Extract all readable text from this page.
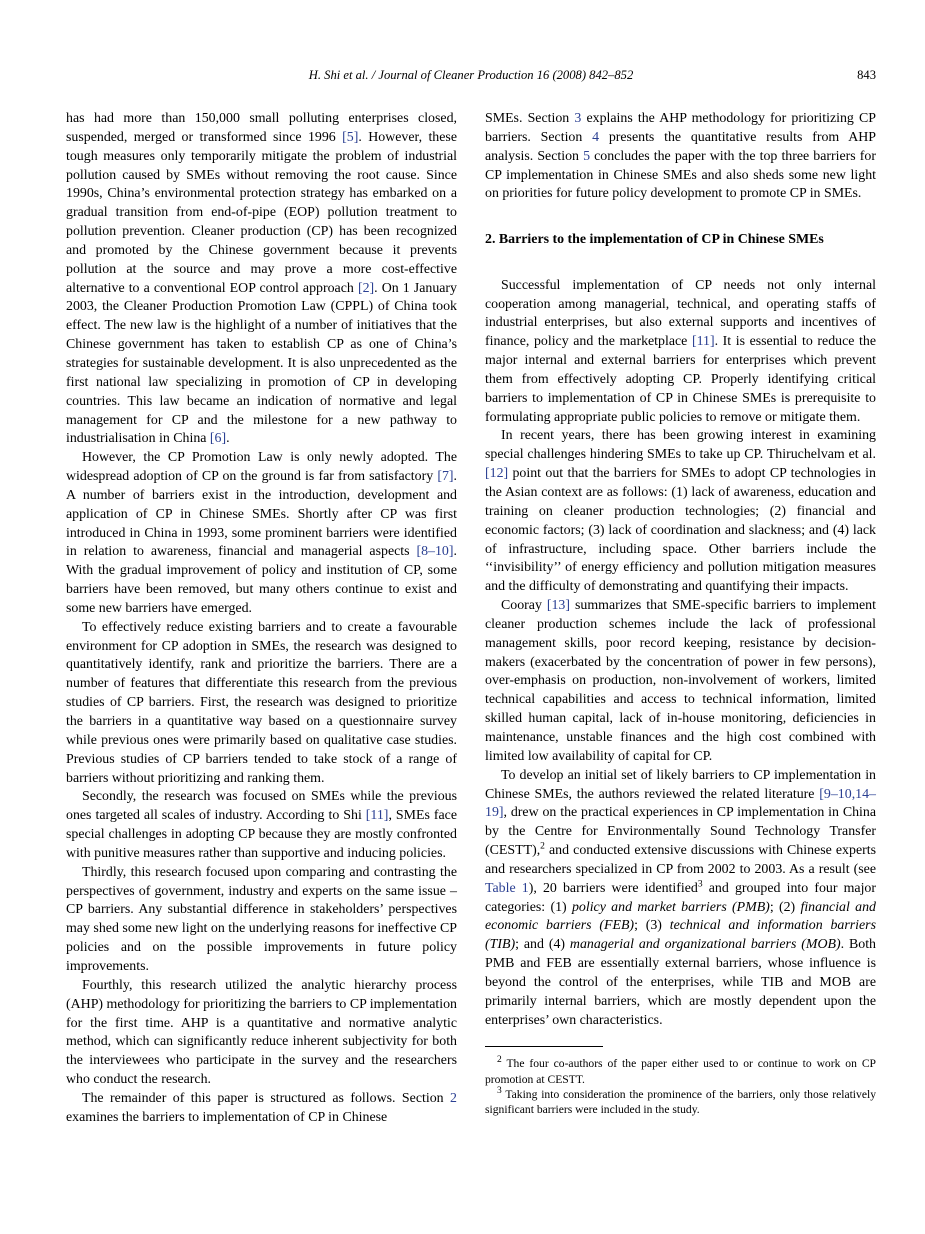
H. Shi et al. / Journal of Cleaner Production 16 (2008) 842–852	843

has had more than 150,000 small polluting enterprises closed, suspended, merged or transformed since 1996 [5]. However, these tough measures only temporarily mitigate the problem of industrial pollution caused by SMEs without removing the root cause. Since 1990s, China’s environmental protection strategy has embarked on a gradual transition from end-of-pipe (EOP) pollution treatment to pollution prevention. Cleaner production (CP) has been recognized and promoted by the Chinese government because it prevents pollution at the source and may prove a more cost-effective alternative to a conventional EOP control approach [2]. On 1 January 2003, the Cleaner Production Promotion Law (CPPL) of China took effect. The new law is the highlight of a number of initiatives that the Chinese government has taken to establish CP as one of China’s strategies for sustainable development. It is also unprecedented as the first national law specializing in promotion of CP in developing countries. This law became an indication of normative and legal management for CP and the milestone for a new pathway to industrialisation in China [6].

However, the CP Promotion Law is only newly adopted. The widespread adoption of CP on the ground is far from satisfactory [7]. A number of barriers exist in the introduction, development and application of CP in Chinese SMEs. Shortly after CP was first introduced in China in 1993, some prominent barriers were identified in relation to awareness, financial and managerial aspects [8–10]. With the gradual improvement of policy and institution of CP, some barriers have been removed, but many others continue to exist and some new barriers have emerged.

To effectively reduce existing barriers and to create a favourable environment for CP adoption in SMEs, the research was designed to quantitatively identify, rank and prioritize the barriers. There are a number of features that differentiate this research from the previous studies of CP barriers. First, the research was designed to prioritize the barriers in a quantitative way based on a questionnaire survey while previous ones were primarily based on qualitative case studies. Previous studies of CP barriers tended to take stock of a range of barriers without prioritizing and ranking them.

Secondly, the research was focused on SMEs while the previous ones targeted all scales of industry. According to Shi [11], SMEs face special challenges in adopting CP because they are mostly confronted with punitive measures rather than supportive and inducing policies.

Thirdly, this research focused upon comparing and contrasting the perspectives of government, industry and experts on the same issue – CP barriers. Any substantial difference in stakeholders’ perspectives may shed some new light on the underlying reasons for ineffective CP policies and on the possible improvements in future policy improvements.

Fourthly, this research utilized the analytic hierarchy process (AHP) methodology for prioritizing the barriers to CP implementation for the first time. AHP is a quantitative and normative analytic method, which can significantly reduce inherent subjectivity for both the interviewees who participate in the survey and the researchers who conduct the research.

The remainder of this paper is structured as follows. Section 2 examines the barriers to implementation of CP in Chinese

SMEs. Section 3 explains the AHP methodology for prioritizing CP barriers. Section 4 presents the quantitative results from AHP analysis. Section 5 concludes the paper with the top three barriers for CP implementation in Chinese SMEs and also sheds some new light on priorities for future policy development to promote CP in SMEs.

2. Barriers to the implementation of CP in Chinese SMEs

Successful implementation of CP needs not only internal cooperation among managerial, technical, and operating staffs of industrial enterprises, but also external supports and incentives of finance, policy and the marketplace [11]. It is essential to reduce the major internal and external barriers for enterprises which prevent them from effectively adopting CP. Properly identifying critical barriers to implementation of CP in Chinese SMEs is prerequisite to formulating appropriate public policies to remove or mitigate them.

In recent years, there has been growing interest in examining special challenges hindering SMEs to take up CP. Thiruchelvam et al. [12] point out that the barriers for SMEs to adopt CP technologies in the Asian context are as follows: (1) lack of awareness, education and training on cleaner production technologies; (2) financial and economic factors; (3) lack of coordination and slackness; and (4) lack of infrastructure, including space. Other barriers include the ‘‘invisibility’’ of energy efficiency and pollution mitigation measures and the difficulty of demonstrating and quantifying their impacts.

Cooray [13] summarizes that SME-specific barriers to implement cleaner production schemes include the lack of professional management skills, poor record keeping, resistance by decision-makers (exacerbated by the concentration of power in few persons), over-emphasis on production, non-involvement of workers, limited technical capabilities and access to technical information, limited skilled human capital, lack of in-house monitoring, deficiencies in maintenance, unstable finances and the high cost combined with limited low availability of capital for CP.

To develop an initial set of likely barriers to CP implementation in Chinese SMEs, the authors reviewed the related literature [9–10,14–19], drew on the practical experiences in CP implementation in China by the Centre for Environmentally Sound Technology Transfer (CESTT),$^2$ and conducted extensive discussions with Chinese experts and researchers specialized in CP from 2002 to 2003. As a result (see Table 1), 20 barriers were identified$^3$ and grouped into four major categories: (1) policy and market barriers (PMB); (2) financial and economic barriers (FEB); (3) technical and information barriers (TIB); and (4) managerial and organizational barriers (MOB). Both PMB and FEB are essentially external barriers, whose influence is beyond the control of the enterprises, while TIB and MOB are primarily internal barriers, which are mostly dependent upon the enterprises’ own characteristics.

$^2$ The four co-authors of the paper either used to or continue to work on CP promotion at CESTT.

$^3$ Taking into consideration the prominence of the barriers, only those relatively significant barriers were included in the study.
